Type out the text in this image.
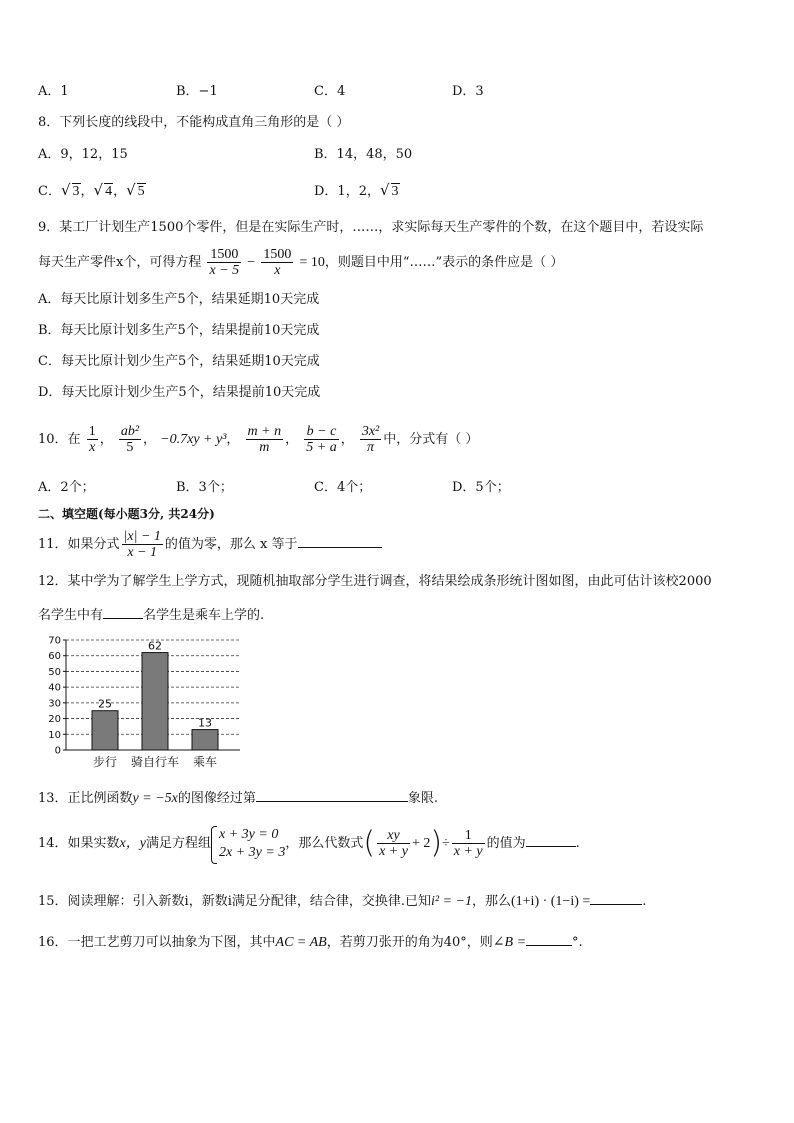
A．1	B．−1	C．4	D．3
8．下列长度的线段中，不能构成直角三角形的是（ ）
A．9，12，15	B．14，48，50
C．√ 3，√ 4，√ 5	D．1，2，√ 3
9．某工厂计划生产1500个零件，但是在实际生产时，……，求实际每天生产零件的个数，在这个题目中，若设实际
每天生产零件x个，可得方程 $\frac{1500}{x - 5} - \frac{1500}{x} = 10$，则题目中用“……”表示的条件应是（ ）
A．每天比原计划多生产5个，结果延期10天完成
B．每天比原计划多生产5个，结果提前10天完成
C．每天比原计划少生产5个，结果延期10天完成
D．每天比原计划少生产5个，结果提前10天完成
10．在 $\frac{1}{x}$ ， $\frac{\text{ab²}}{5}$ ， −0.7xy + y³， $\frac{m + n}{m}$ ， $\frac{b - c}{5 + a}$ ， $\frac{\text{3x²}}{\pi}$ 中，分式有（ ）
A．2个；	B．3个；	C．4个；	D．5个；
二、填空题(每小题3分, 共24分)
11．如果分式 $\frac{|x| - 1}{x - 1}$ 的值为零，那么 x 等于
12．某中学为了解学生上学方式，现随机抽取部分学生进行调查，将结果绘成条形统计图如图，由此可估计该校2000
名学生中有	名学生是乘车上学的.
0
10
20
30
40
50
60
70
25
步行
62
骑自行车
13
乘车
13．正比例函数y = −5x的图像经过第	象限.
14．如果实数x，y满足方程组
x + 3y = 0
2x + 3y = 3
，那么代数式( $\frac{xy}{x + y} + 2)\div \frac{1}{x + y}$ 的值为	.
15．阅读理解：引入新数i，新数i满足分配律，结合律，交换律.已知i² = −1，那么(1+i) · (1−i) =	.
16．一把工艺剪刀可以抽象为下图，其中AC = AB，若剪刀张开的角为40°，则∠B =	°.
